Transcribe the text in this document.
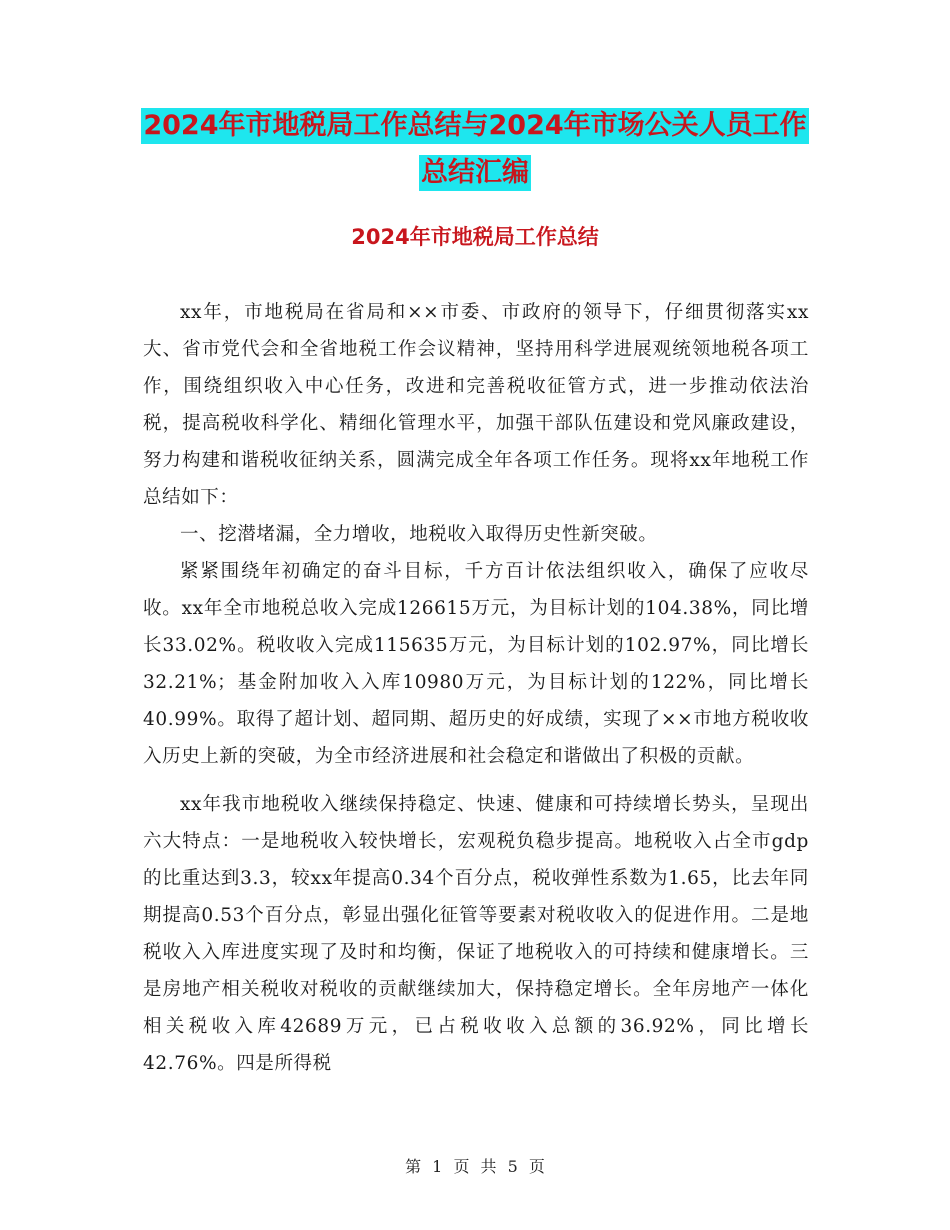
2024年市地税局工作总结与2024年市场公关人员工作
总结汇编
2024年市地税局工作总结

xx年，市地税局在省局和××市委、市政府的领导下，仔细贯彻落实xx大、省市党代会和全省地税工作会议精神，坚持用科学进展观统领地税各项工作，围绕组织收入中心任务，改进和完善税收征管方式，进一步推动依法治税，提高税收科学化、精细化管理水平，加强干部队伍建设和党风廉政建设，努力构建和谐税收征纳关系，圆满完成全年各项工作任务。现将xx年地税工作总结如下：

一、挖潜堵漏，全力增收，地税收入取得历史性新突破。

紧紧围绕年初确定的奋斗目标，千方百计依法组织收入，确保了应收尽收。xx年全市地税总收入完成126615万元，为目标计划的104.38%，同比增长33.02%。税收收入完成115635万元，为目标计划的102.97%，同比增长32.21%；基金附加收入入库10980万元，为目标计划的122%，同比增长40.99%。取得了超计划、超同期、超历史的好成绩，实现了××市地方税收收入历史上新的突破，为全市经济进展和社会稳定和谐做出了积极的贡献。

xx年我市地税收入继续保持稳定、快速、健康和可持续增长势头，呈现出六大特点：一是地税收入较快增长，宏观税负稳步提高。地税收入占全市gdp的比重达到3.3，较xx年提高0.34个百分点，税收弹性系数为1.65，比去年同期提高0.53个百分点，彰显出强化征管等要素对税收收入的促进作用。二是地税收入入库进度实现了及时和均衡，保证了地税收入的可持续和健康增长。三是房地产相关税收对税收的贡献继续加大，保持稳定增长。全年房地产一体化相关税收入库42689万元，已占税收收入总额的36.92%，同比增长42.76%。四是所得税

第 1 页 共 5 页
